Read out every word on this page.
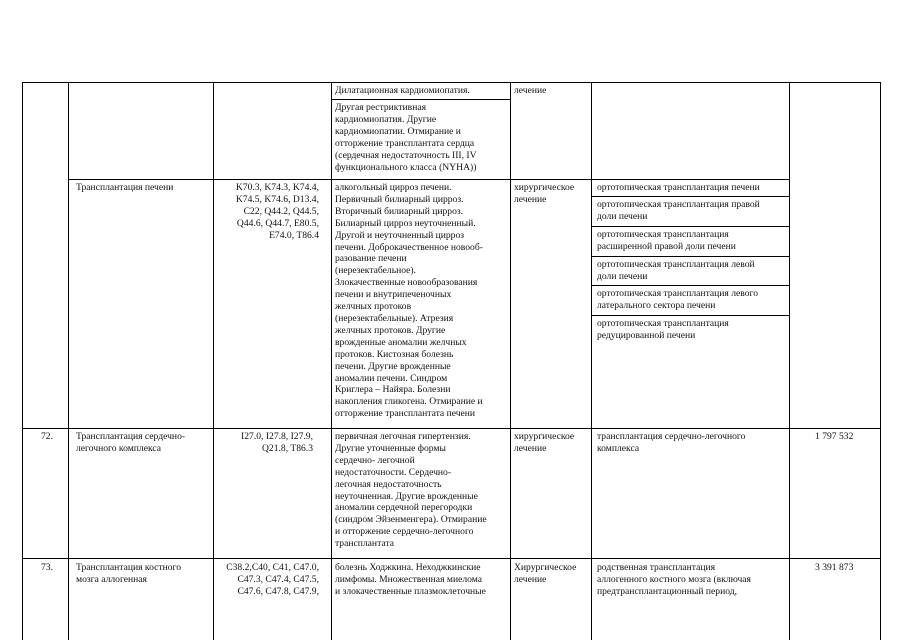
Дилатационная кардиомиопатия.	лечение
Другая рестриктивная
кардиомиопатия. Другие
кардиомиопатии. Отмирание и
отторжение трансплантата сердца
(сердечная недостаточность III, IV
функционального класса (NYHA))
Трансплантация печени	K70.3, K74.3, K74.4,
K74.5, K74.6, D13.4,
C22, Q44.2, Q44.5,
Q44.6, Q44.7, E80.5,
E74.0, T86.4
алкогольный цирроз печени.
Первичный билиарный цирроз.
Вторичный билиарный цирроз.
Билиарный цирроз неуточненный.
Другой и неуточненный цирроз
печени. Доброкачественное новооб-
разование печени
(нерезектабельное).
Злокачественные новообразования
печени и внутрипеченочных
желчных протоков
(нерезектабельные). Атрезия
желчных протоков. Другие
врожденные аномалии желчных
протоков. Кистозная болезнь
печени. Другие врожденные
аномалии печени. Синдром
Криглера – Найяра. Болезни
накопления гликогена. Отмирание и
отторжение трансплантата печени
хирургическое
лечение
ортотопическая трансплантация печени
ортотопическая трансплантация правой
доли печени
ортотопическая трансплантация
расширенной правой доли печени
ортотопическая трансплантация левой
доли печени
ортотопическая трансплантация левого
латерального сектора печени
ортотопическая трансплантация
редуцированной печени
72. Трансплантация сердечно-
легочного комплекса
I27.0, I27.8, I27.9,
Q21.8, T86.3
первичная легочная гипертензия.
Другие уточненные формы
сердечно- легочной
недостаточности. Сердечно-
легочная недостаточность
неуточненная. Другие врожденные
аномалии сердечной перегородки
(синдром Эйзенменгера). Отмирание
и отторжение сердечно-легочного
трансплантата
хирургическое
лечение
трансплантация сердечно-легочного
комплекса
1 797 532
73. Трансплантация костного
мозга аллогенная
C38.2,C40, C41, C47.0,
C47.3, C47.4, C47.5,
C47.6, C47.8, C47.9,
болезнь Ходжкина. Неходжкинские
лимфомы. Множественная миелома
и злокачественные плазмоклеточные
Хирургическое
лечение
родственная трансплантация
аллогенного костного мозга (включая
предтрансплантационный период,
3 391 873
